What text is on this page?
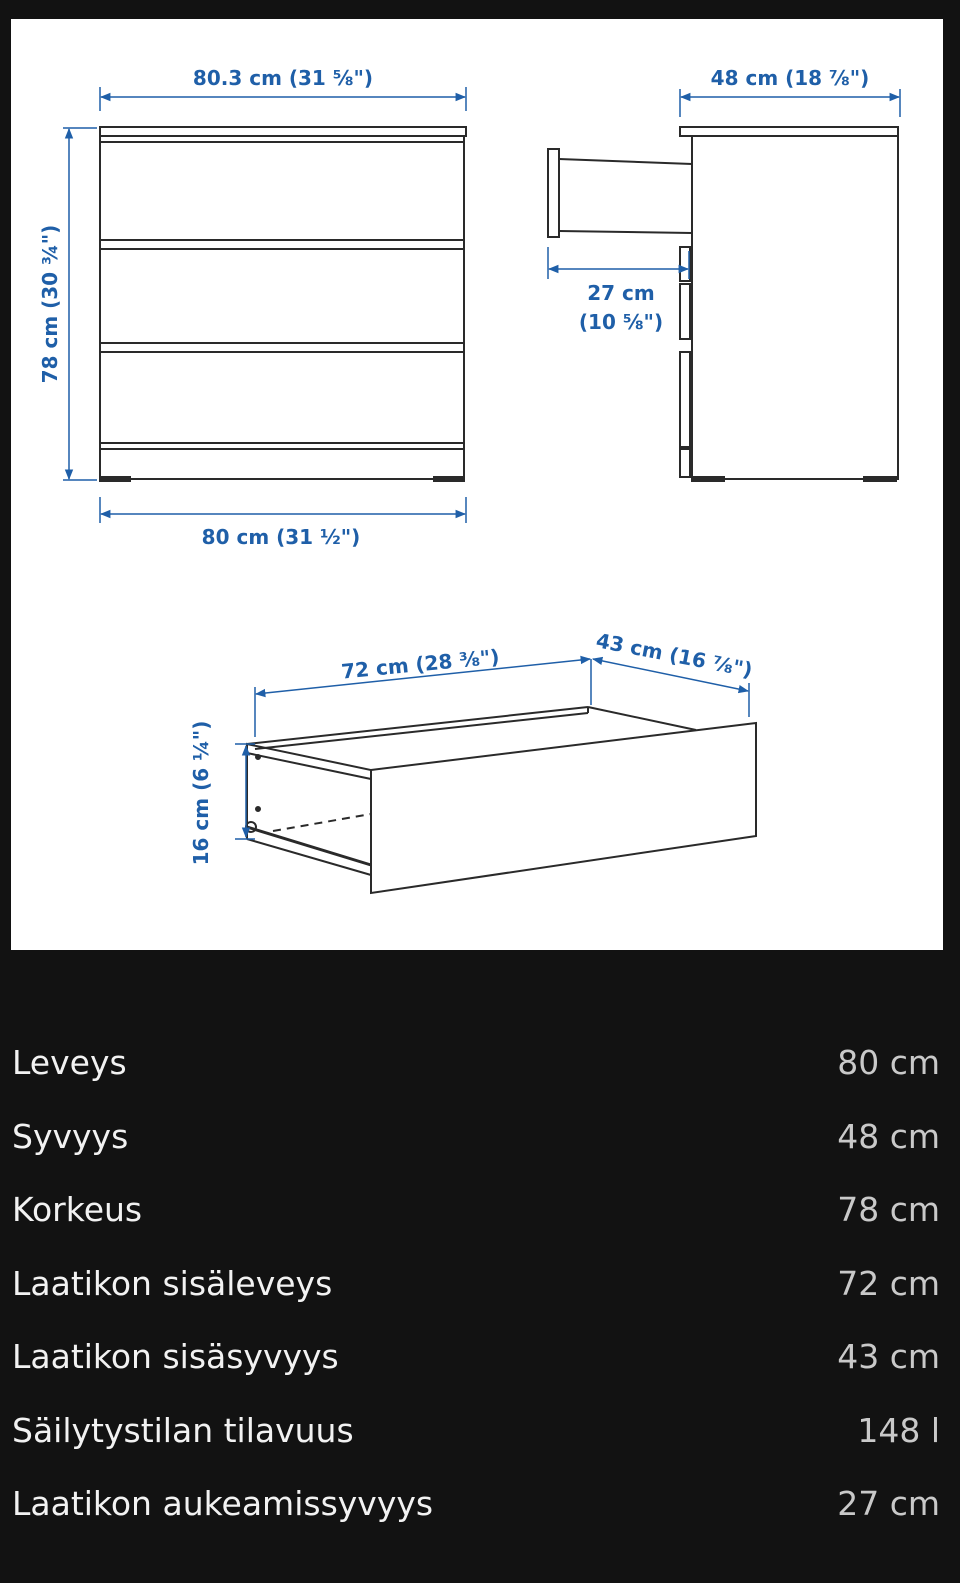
80.3 cm (31 ⅝")
80 cm (31 ½")
78 cm (30 ¾")
48 cm (18 ⅞")
27 cm
(10 ⅝")
72 cm (28 ⅜")	43 cm (16 ⅞")
16 cm (6 ¼")
Leveys	80 cm
Syvyys	48 cm
Korkeus	78 cm
Laatikon sisäleveys	72 cm
Laatikon sisäsyvyys	43 cm
Säilytystilan tilavuus	148 l
Laatikon aukeamissyvyys	27 cm
